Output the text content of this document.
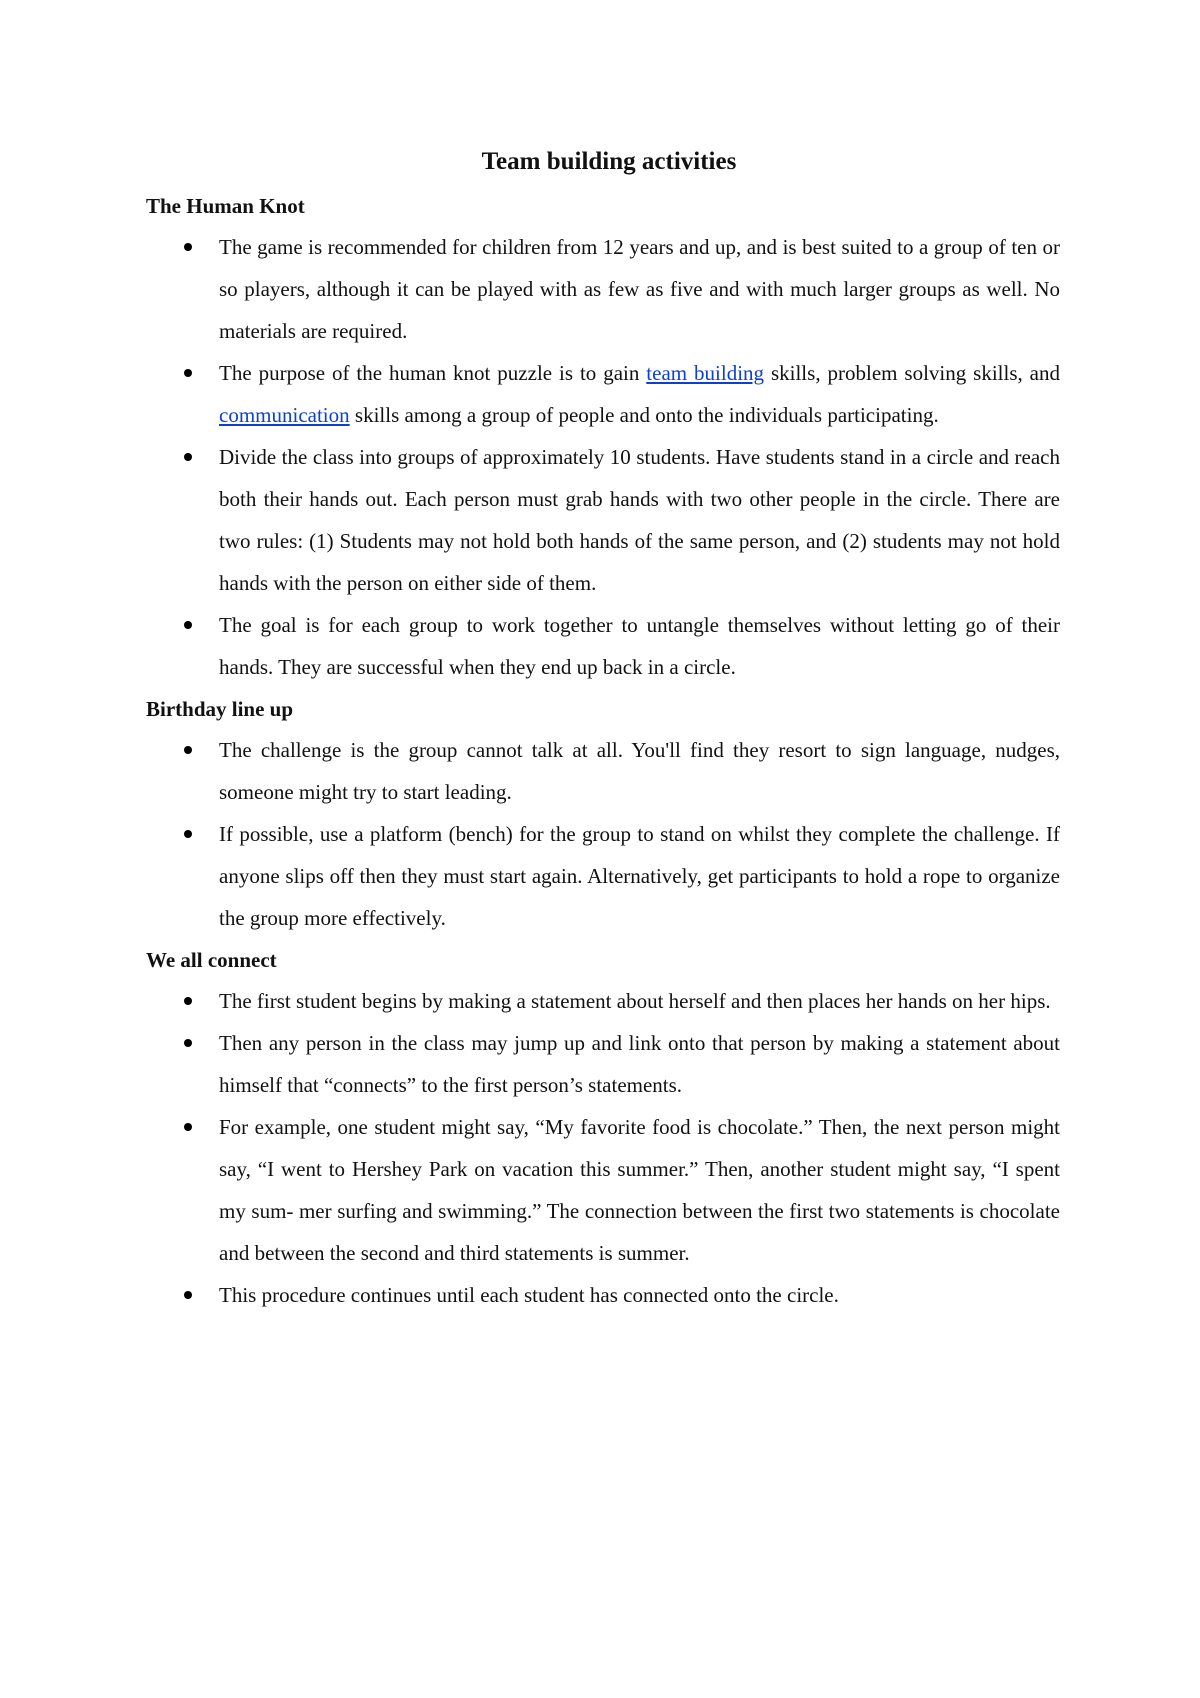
Team building activities
The Human Knot
The game is recommended for children from 12 years and up, and is best suited to a group of ten or so players, although it can be played with as few as five and with much larger groups as well. No materials are required.
The purpose of the human knot puzzle is to gain team building skills, problem solving skills, and communication skills among a group of people and onto the individuals participating.
Divide the class into groups of approximately 10 students. Have students stand in a circle and reach both their hands out. Each person must grab hands with two other people in the circle. There are two rules: (1) Students may not hold both hands of the same person, and (2) students may not hold hands with the person on either side of them.
The goal is for each group to work together to untangle themselves without letting go of their hands. They are successful when they end up back in a circle.
Birthday line up
The challenge is the group cannot talk at all. You'll find they resort to sign language, nudges, someone might try to start leading.
If possible, use a platform (bench) for the group to stand on whilst they complete the challenge. If anyone slips off then they must start again. Alternatively, get participants to hold a rope to organize the group more effectively.
We all connect
The first student begins by making a statement about herself and then places her hands on her hips.
Then any person in the class may jump up and link onto that person by making a statement about himself that “connects” to the first person’s statements.
For example, one student might say, “My favorite food is chocolate.” Then, the next person might say, “I went to Hershey Park on vacation this summer.” Then, another student might say, “I spent my sum- mer surfing and swimming.” The connection between the first two statements is chocolate and between the second and third statements is summer.
This procedure continues until each student has connected onto the circle.
